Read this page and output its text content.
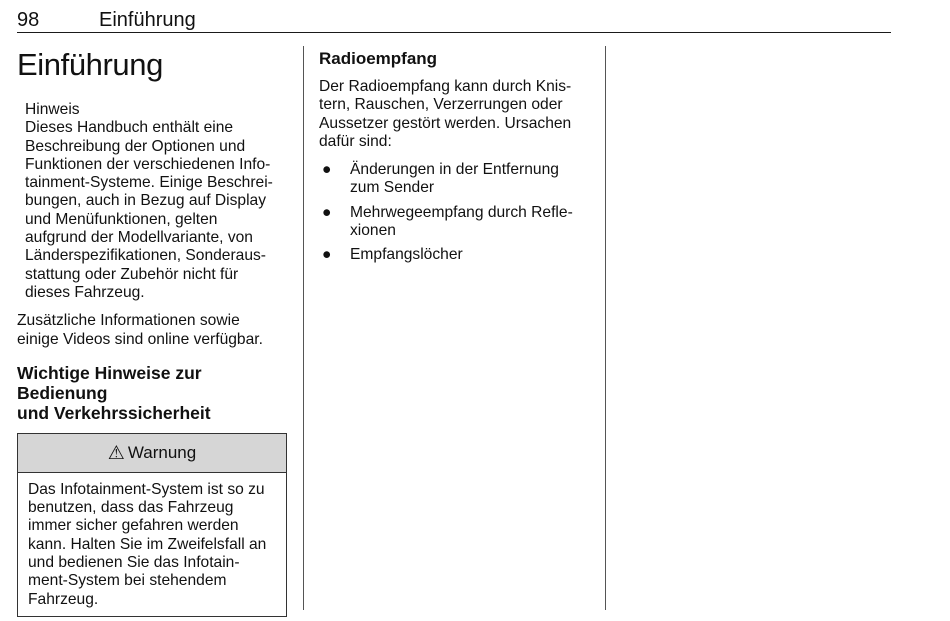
98	Einführung
Einführung
Hinweis
Dieses Handbuch enthält eine
Beschreibung der Optionen und
Funktionen der verschiedenen Info‐
tainment-Systeme. Einige Beschrei‐
bungen, auch in Bezug auf Display
und Menüfunktionen, gelten
aufgrund der Modellvariante, von
Länderspezifikationen, Sonderaus‐
stattung oder Zubehör nicht für
dieses Fahrzeug.
Zusätzliche Informationen sowie
einige Videos sind online verfügbar.
Wichtige Hinweise zur Bedienung
und Verkehrssicherheit
⚠ Warnung
Das Infotainment-System ist so zu
benutzen, dass das Fahrzeug
immer sicher gefahren werden
kann. Halten Sie im Zweifelsfall an
und bedienen Sie das Infotain‐
ment-System bei stehendem
Fahrzeug.
Radioempfang
Der Radioempfang kann durch Knis‐
tern, Rauschen, Verzerrungen oder
Aussetzer gestört werden. Ursachen
dafür sind:
● Änderungen in der Entfernung
zum Sender
● Mehrwegeempfang durch Refle‐
xionen
● Empfangslöcher
